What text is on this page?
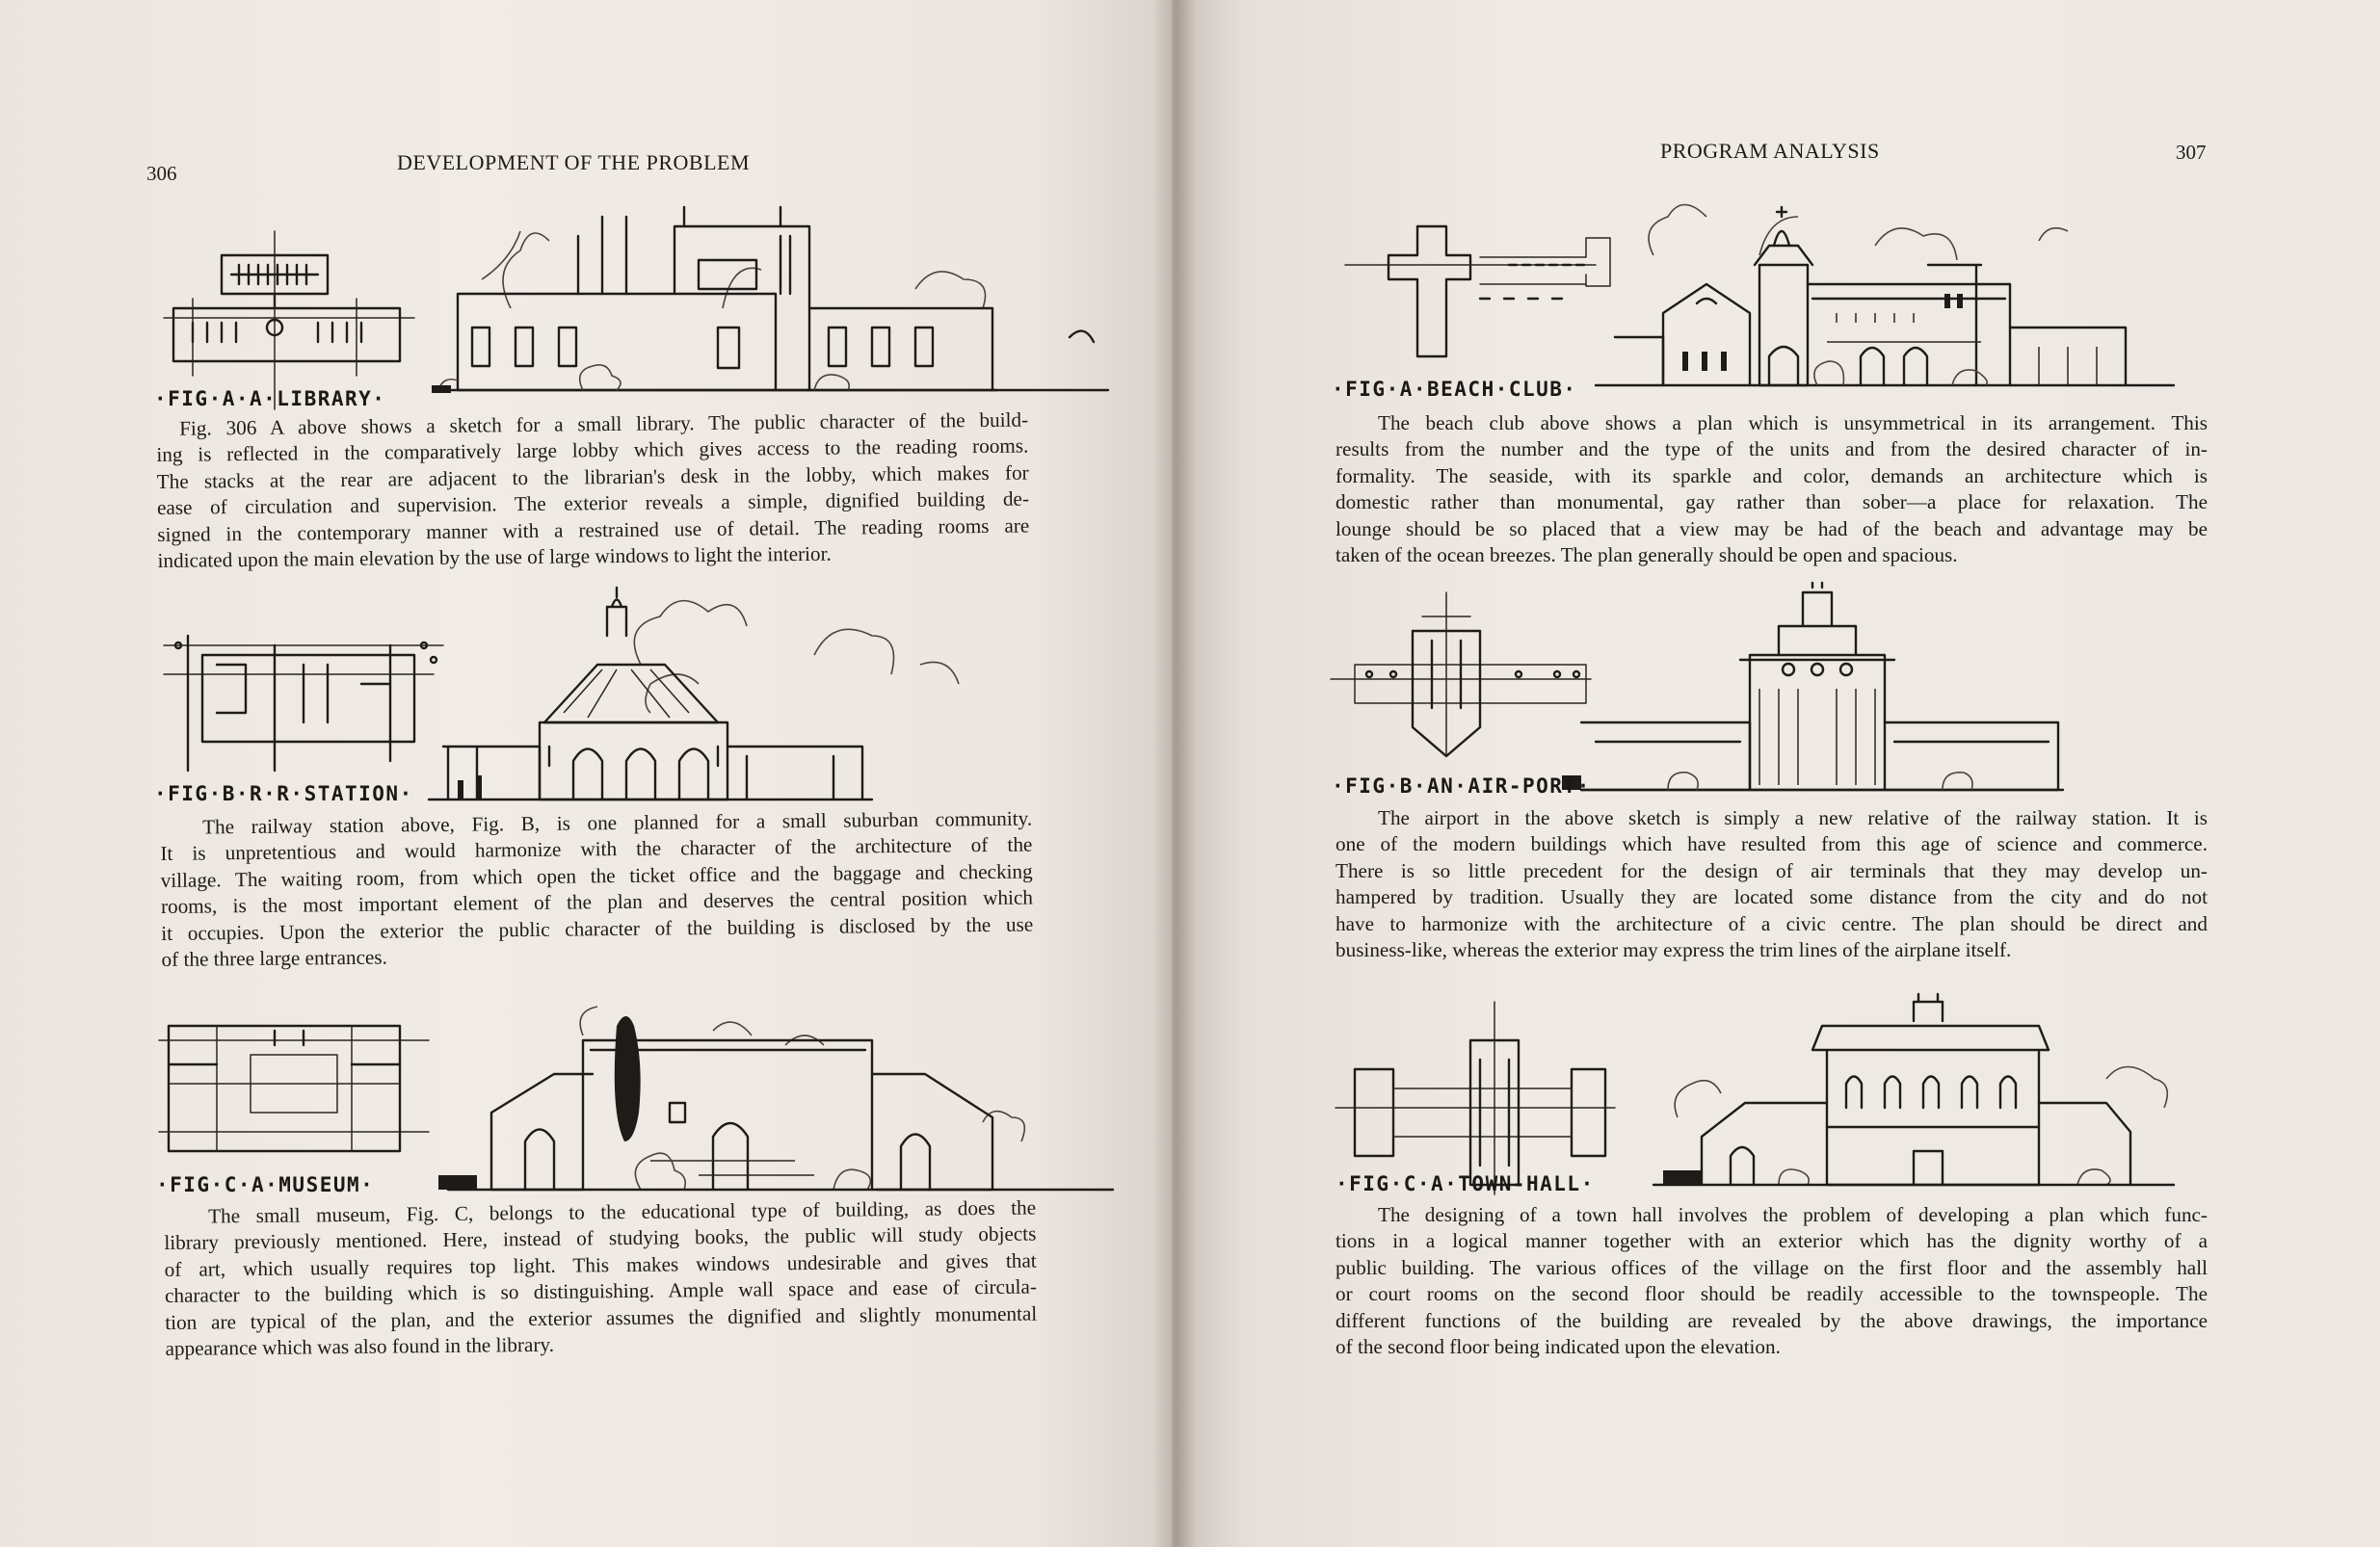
306	DEVELOPMENT OF THE PROBLEM
·FIG·A·A·LIBRARY·

Fig. 306 A above shows a sketch for a small library. The public character of the build-
ing is reflected in the comparatively large lobby which gives access to the reading rooms.
The stacks at the rear are adjacent to the librarian's desk in the lobby, which makes for
ease of circulation and supervision. The exterior reveals a simple, dignified building de-
signed in the contemporary manner with a restrained use of detail. The reading rooms are
indicated upon the main elevation by the use of large windows to light the interior.

·FIG·B·R·R·STATION·

The railway station above, Fig. B, is one planned for a small suburban community.
It is unpretentious and would harmonize with the character of the architecture of the
village. The waiting room, from which open the ticket office and the baggage and checking
rooms, is the most important element of the plan and deserves the central position which
it occupies. Upon the exterior the public character of the building is disclosed by the use
of the three large entrances.

·FIG·C·A·MUSEUM·

The small museum, Fig. C, belongs to the educational type of building, as does the
library previously mentioned. Here, instead of studying books, the public will study objects
of art, which usually requires top light. This makes windows undesirable and gives that
character to the building which is so distinguishing. Ample wall space and ease of circula-
tion are typical of the plan, and the exterior assumes the dignified and slightly monumental
appearance which was also found in the library.

PROGRAM ANALYSIS	307
·FIG·A·BEACH·CLUB·

The beach club above shows a plan which is unsymmetrical in its arrangement. This
results from the number and the type of the units and from the desired character of in-
formality. The seaside, with its sparkle and color, demands an architecture which is
domestic rather than monumental, gay rather than sober—a place for relaxation. The
lounge should be so placed that a view may be had of the beach and advantage may be
taken of the ocean breezes. The plan generally should be open and spacious.

·FIG·B·AN·AIR-PORT·

The airport in the above sketch is simply a new relative of the railway station. It is
one of the modern buildings which have resulted from this age of science and commerce.
There is so little precedent for the design of air terminals that they may develop un-
hampered by tradition. Usually they are located some distance from the city and do not
have to harmonize with the architecture of a civic centre. The plan should be direct and
business-like, whereas the exterior may express the trim lines of the airplane itself.

·FIG·C·A·TOWN-HALL·

The designing of a town hall involves the problem of developing a plan which func-
tions in a logical manner together with an exterior which has the dignity worthy of a
public building. The various offices of the village on the first floor and the assembly hall
or court rooms on the second floor should be readily accessible to the townspeople. The
different functions of the building are revealed by the above drawings, the importance
of the second floor being indicated upon the elevation.
